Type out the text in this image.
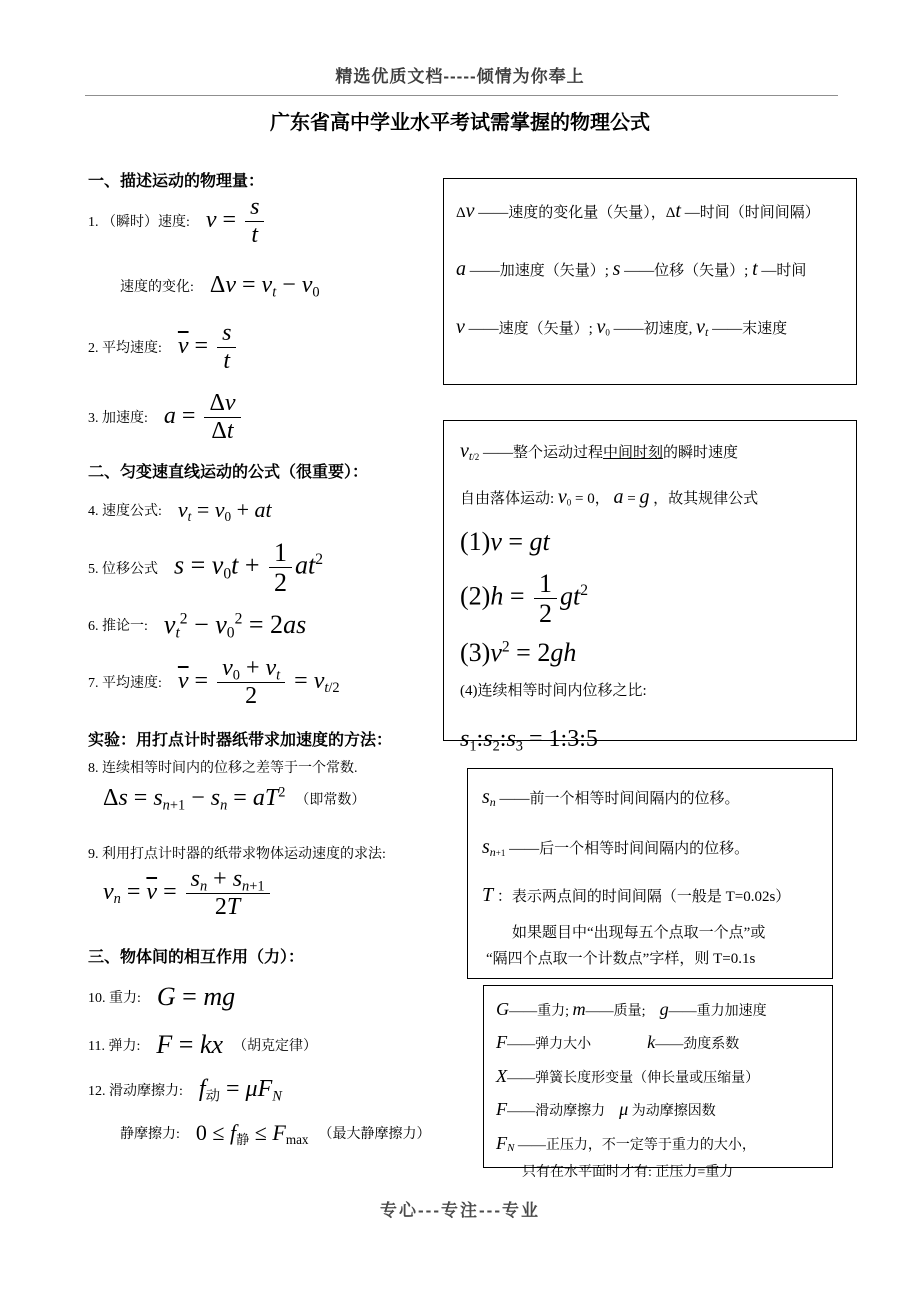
精选优质文档-----倾情为你奉上
广东省高中学业水平考试需掌握的物理公式
一、描述运动的物理量：
1. （瞬时）速度: $v = \frac{s}{t}$
速度的变化: $\Delta v = v_t - v_0$
2. 平均速度: $\overline{v} = \frac{s}{t}$
3. 加速度: $a = \frac{\Delta v}{\Delta t}$
二、匀变速直线运动的公式（很重要）：
4. 速度公式: $v_t = v_0$ + at
5. 位移公式 $s = v_0t + \frac{1}{2} at^2$
6. 推论一: $v_t^2 - v_0^2 = 2as$
7. 平均速度: $\overline{v} = \frac{v_0 + v_t}{2} = v_{t/2}$
实验：用打点计时器纸带求加速度的方法：
8. 连续相等时间内的位移之差等于一个常数.
$\Delta s = s_{n+1} - s_n = aT^2$ （即常数）
9. 利用打点计时器的纸带求物体运动速度的求法:
$v_n = \overline{v} = \frac{s_n + s_{n+1}}{2T}$
三、物体间的相互作用（力）：
10. 重力: G = mg
11. 弹力: F = kx （胡克定律）
12. 滑动摩擦力: $f_动 = \mu F_N$
静摩擦力: $0 \le f_静 \le F_{max}$ （最大静摩擦力）
Δv ——速度的变化量（矢量），Δt —时间（时间间隔）
a ——加速度（矢量）; s ——位移（矢量）; t —时间
v ——速度（矢量）; $v_0$ ——初速度, $v_t$ ——末速度
$v_{t/2}$ ——整个运动过程中间时刻的瞬时速度
自由落体运动: $v_0 = 0$， a = g ，故其规律公式
(1)v = gt
$(2)h = \frac{1}{2} gt^2$
$(3)v^2 = 2gh$
(4)连续相等时间内位移之比:
$s_1:s_2:s_3$ = 1:3:5
$s_n$ ——前一个相等时间间隔内的位移。
$s_{n+1}$ ——后一个相等时间间隔内的位移。
T ：表示两点间的时间间隔（一般是 T=0.02s）
如果题目中“出现每五个点取一个点”或
“隔四个点取一个计数点”字样，则 T=0.1s
G——重力; m——质量;　g——重力加速度
F——弹力大小　　　　k——劲度系数
X——弹簧长度形变量（伸长量或压缩量）
F——滑动摩擦力　μ 为动摩擦因数
$F_N$ ——正压力，不一定等于重力的大小，
只有在水平面时才有: 正压力=重力
专心---专注---专业
